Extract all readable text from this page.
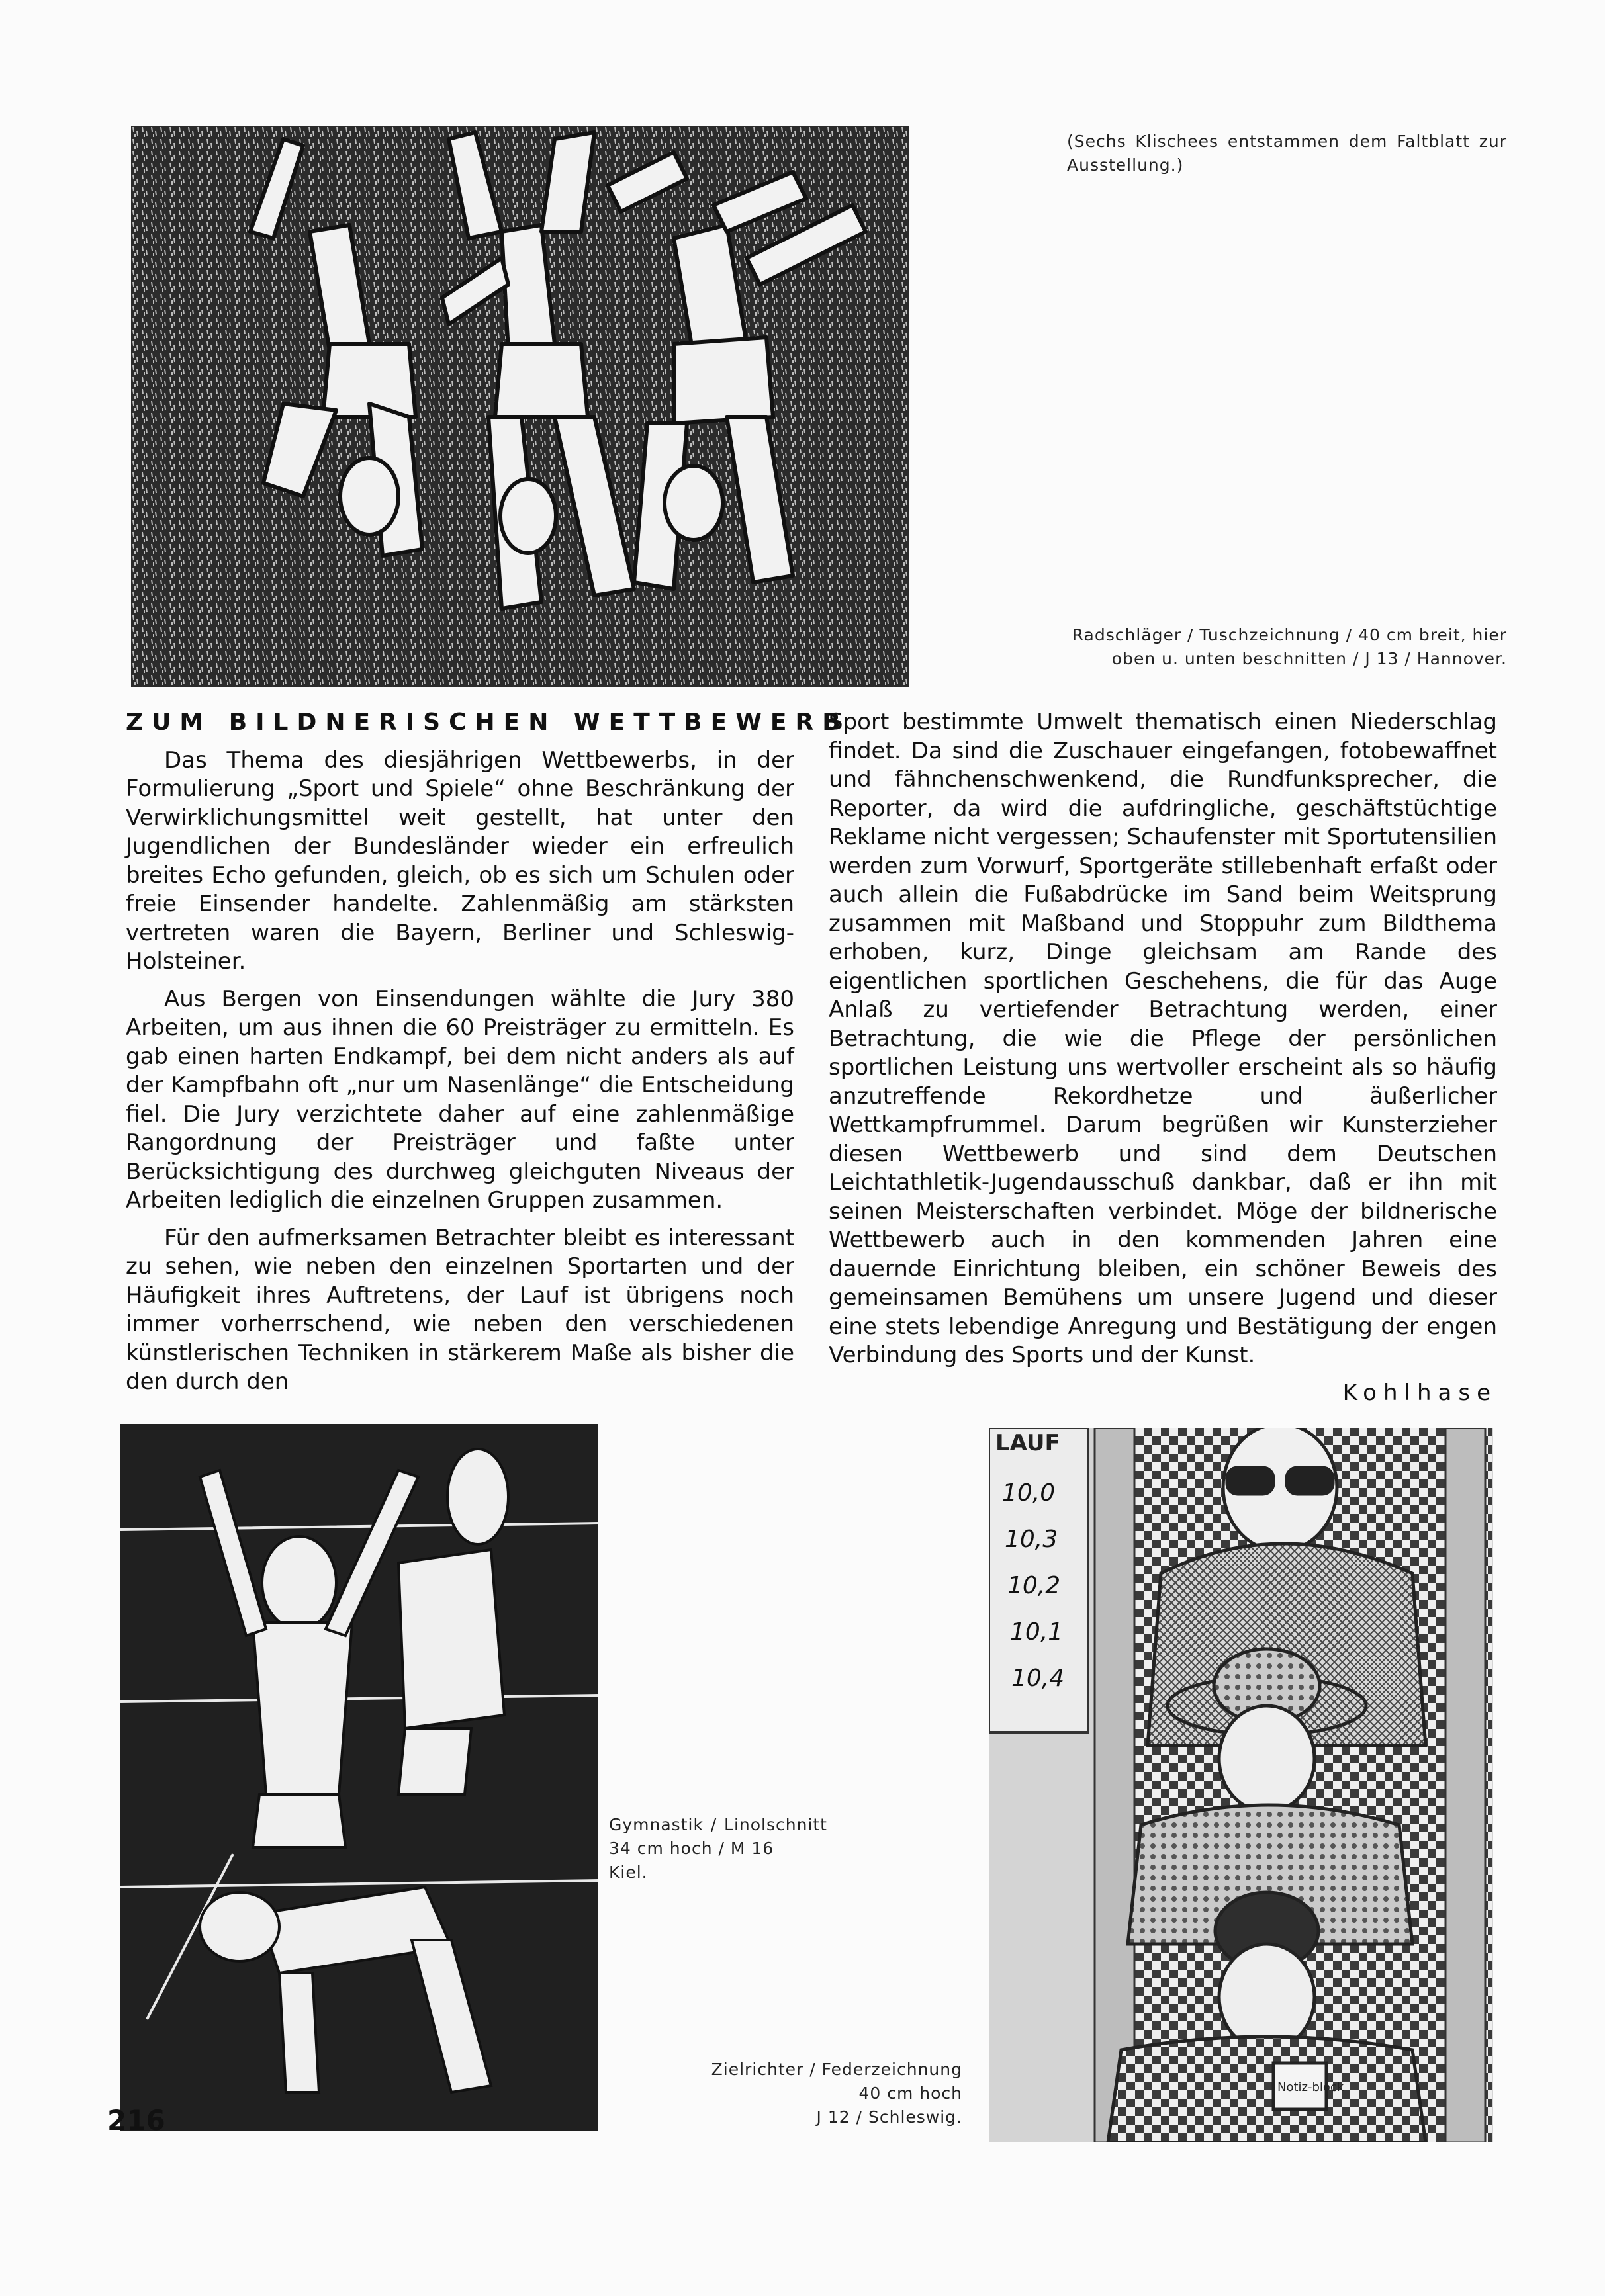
(Sechs Klischees entstammen dem Faltblatt zur Ausstellung.)
Radschläger / Tuschzeichnung / 40 cm breit, hier oben u. unten beschnitten / J 13 / Hannover.
ZUM BILDNERISCHEN WETTBEWERB

Das Thema des diesjährigen Wettbewerbs, in der Formulierung „Sport und Spiele“ ohne Beschränkung der Verwirklichungsmittel weit gestellt, hat unter den Jugendlichen der Bundesländer wieder ein erfreulich breites Echo gefunden, gleich, ob es sich um Schulen oder freie Einsender handelte. Zahlenmäßig am stärksten vertreten waren die Bayern, Berliner und Schleswig-Holsteiner.

Aus Bergen von Einsendungen wählte die Jury 380 Arbeiten, um aus ihnen die 60 Preisträger zu ermitteln. Es gab einen harten Endkampf, bei dem nicht anders als auf der Kampfbahn oft „nur um Nasenlänge“ die Entscheidung fiel. Die Jury verzichtete daher auf eine zahlenmäßige Rangordnung der Preisträger und faßte unter Berücksichtigung des durchweg gleichguten Niveaus der Arbeiten lediglich die einzelnen Gruppen zusammen.

Für den aufmerksamen Betrachter bleibt es interessant zu sehen, wie neben den einzelnen Sportarten und der Häufigkeit ihres Auftretens, der Lauf ist übrigens noch immer vorherrschend, wie neben den verschiedenen künstlerischen Techniken in stärkerem Maße als bisher die den durch den

Sport bestimmte Umwelt thematisch einen Niederschlag findet. Da sind die Zuschauer eingefangen, fotobewaffnet und fähnchenschwenkend, die Rundfunksprecher, die Reporter, da wird die aufdringliche, geschäftstüchtige Reklame nicht vergessen; Schaufenster mit Sportutensilien werden zum Vorwurf, Sportgeräte stillebenhaft erfaßt oder auch allein die Fußabdrücke im Sand beim Weitsprung zusammen mit Maßband und Stoppuhr zum Bildthema erhoben, kurz, Dinge gleichsam am Rande des eigentlichen sportlichen Geschehens, die für das Auge Anlaß zu vertiefender Betrachtung werden, einer Betrachtung, die wie die Pflege der persönlichen sportlichen Leistung uns wertvoller erscheint als so häufig anzutreffende Rekordhetze und äußerlicher Wettkampfrummel. Darum begrüßen wir Kunsterzieher diesen Wettbewerb und sind dem Deutschen Leichtathletik-Jugendausschuß dankbar, daß er ihn mit seinen Meisterschaften verbindet. Möge der bildnerische Wettbewerb auch in den kommenden Jahren eine dauernde Einrichtung bleiben, ein schöner Beweis des gemeinsamen Bemühens um unsere Jugend und dieser eine stets lebendige Anregung und Bestätigung der engen Verbindung des Sports und der Kunst.

Kohlhase
Gymnastik / Linolschnitt
34 cm hoch / M 16
Kiel.
LAUF
10,0
10,3
10,2
10,1
10,4
Notiz-block
Zielrichter / Federzeichnung
40 cm hoch
J 12 / Schleswig.
216
